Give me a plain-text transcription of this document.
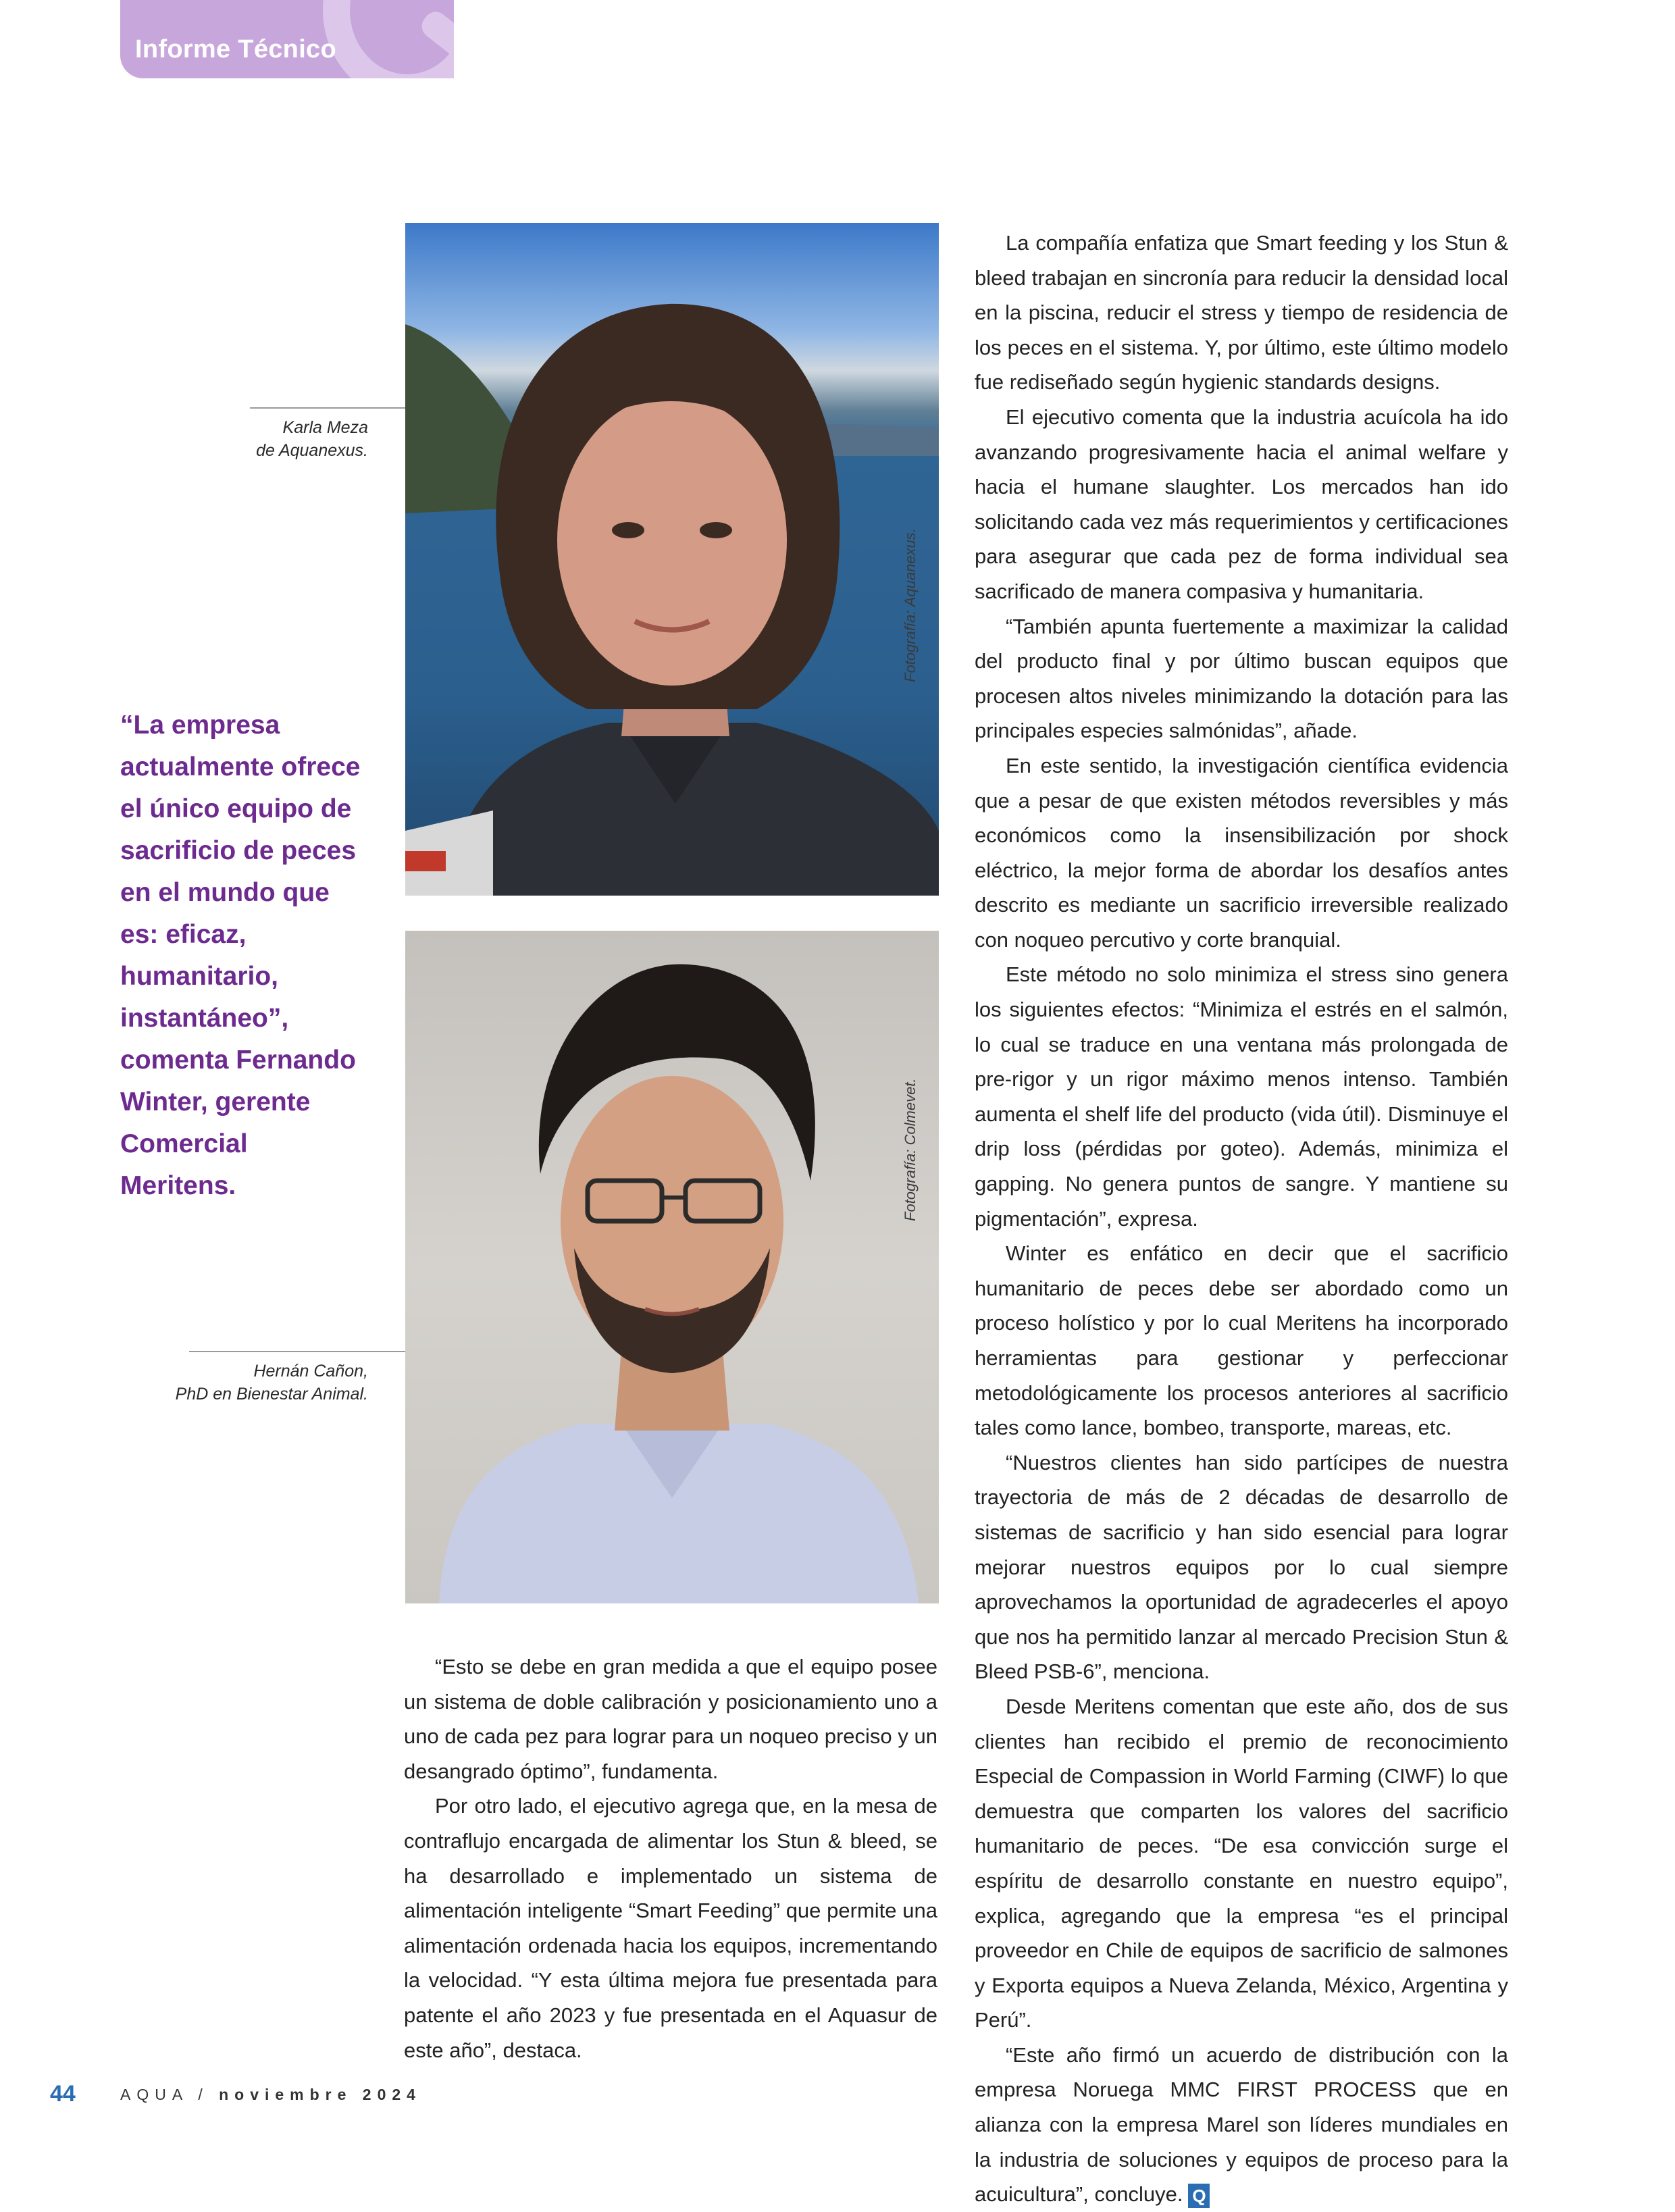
Informe Técnico
Fotografía: Aquanexus.
Karla Meza
de Aquanexus.
“La empresa actualmente ofrece el único equipo de sacrificio de peces en el mundo que es: eficaz, humanitario, instantáneo”, comenta Fernando Winter, gerente Comercial Meritens.	Fotografía: Colmevet.
Hernán Cañon,
PhD en Bienestar Animal.

“Esto se debe en gran medida a que el equipo posee un sistema de doble calibración y posicionamiento uno a uno de cada pez para lograr para un noqueo preciso y un desangrado óptimo”, fundamenta.

Por otro lado, el ejecutivo agrega que, en la mesa de contraflujo encargada de alimentar los Stun & bleed, se ha desarrollado e implementado un sistema de alimentación inteligente “Smart Feeding” que permite una alimentación ordenada hacia los equipos, incrementando la velocidad. “Y esta última mejora fue presentada para patente el año 2023 y fue presentada en el Aquasur de este año”, destaca.

La compañía enfatiza que Smart feeding y los Stun & bleed trabajan en sincronía para reducir la densidad local en la piscina, reducir el stress y tiempo de residencia de los peces en el sistema. Y, por último, este último modelo fue rediseñado según hygienic standards designs.

El ejecutivo comenta que la industria acuícola ha ido avanzando progresivamente hacia el animal welfare y hacia el humane slaughter. Los mercados han ido solicitando cada vez más requerimientos y certificaciones para asegurar que cada pez de forma individual sea sacrificado de manera compasiva y humanitaria.

“También apunta fuertemente a maximizar la calidad del producto final y por último buscan equipos que procesen altos niveles minimizando la dotación para las principales especies salmónidas”, añade.

En este sentido, la investigación científica evidencia que a pesar de que existen métodos reversibles y más económicos como la insensibilización por shock eléctrico, la mejor forma de abordar los desafíos antes descrito es mediante un sacrificio irreversible realizado con noqueo percutivo y corte branquial.

Este método no solo minimiza el stress sino genera los siguientes efectos: “Minimiza el estrés en el salmón, lo cual se traduce en una ventana más prolongada de pre-rigor y un rigor máximo menos intenso. También aumenta el shelf life del producto (vida útil). Disminuye el drip loss (pérdidas por goteo). Además, minimiza el gapping. No genera puntos de sangre. Y mantiene su pigmentación”, expresa.

Winter es enfático en decir que el sacrificio humanitario de peces debe ser abordado como un proceso holístico y por lo cual Meritens ha incorporado herramientas para gestionar y perfeccionar metodológicamente los procesos anteriores al sacrificio tales como lance, bombeo, transporte, mareas, etc.

“Nuestros clientes han sido partícipes de nuestra trayectoria de más de 2 décadas de desarrollo de sistemas de sacrificio y han sido esencial para lograr mejorar nuestros equipos por lo cual siempre aprovechamos la oportunidad de agradecerles el apoyo que nos ha permitido lanzar al mercado Precision Stun & Bleed PSB-6”, menciona.

Desde Meritens comentan que este año, dos de sus clientes han recibido el premio de reconocimiento Especial de Compassion in World Farming (CIWF) lo que demuestra que comparten los valores del sacrificio humanitario de peces. “De esa convicción surge el espíritu de desarrollo constante en nuestro equipo”, explica, agregando que la empresa “es el principal proveedor en Chile de equipos de sacrificio de salmones y Exporta equipos a Nueva Zelanda, México, Argentina y Perú”.

“Este año firmó un acuerdo de distribución con la empresa Noruega MMC FIRST PROCESS que en alianza con la empresa Marel son líderes mundiales en la industria de soluciones y equipos de proceso para la acuicultura”, concluye. Q

44	AQUA / noviembre 2024
